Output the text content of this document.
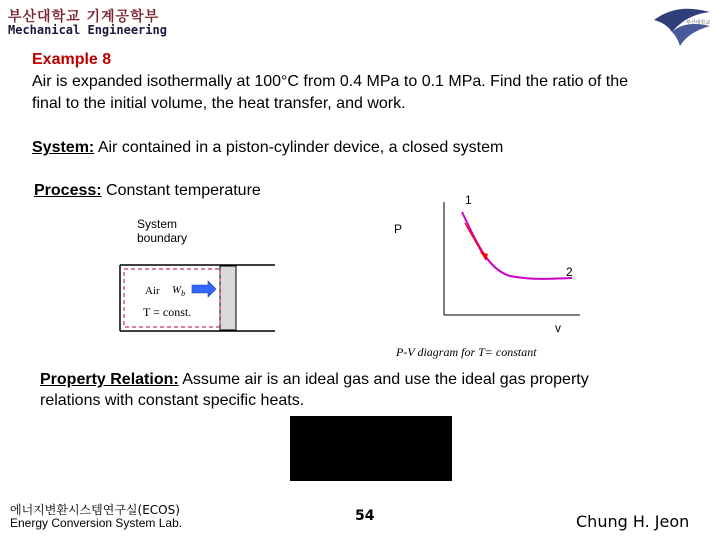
부산대학교 기계공학부
Mechanical Engineering	부산대학교
Example 8
Air is expanded isothermally at 100°C from 0.4 MPa to 0.1 MPa. Find the ratio of the
final to the initial volume, the heat transfer, and work.
System: Air contained in a piston-cylinder device, a closed system
Process: Constant temperature
System
boundary
Air $W_b$
T = const.
1
P
2
v
P-V diagram for T= constant
Property Relation: Assume air is an ideal gas and use the ideal gas property
relations with constant specific heats.
에너지변환시스템연구실(ECOS)
Energy Conversion System Lab.	54	Chung H. Jeon
